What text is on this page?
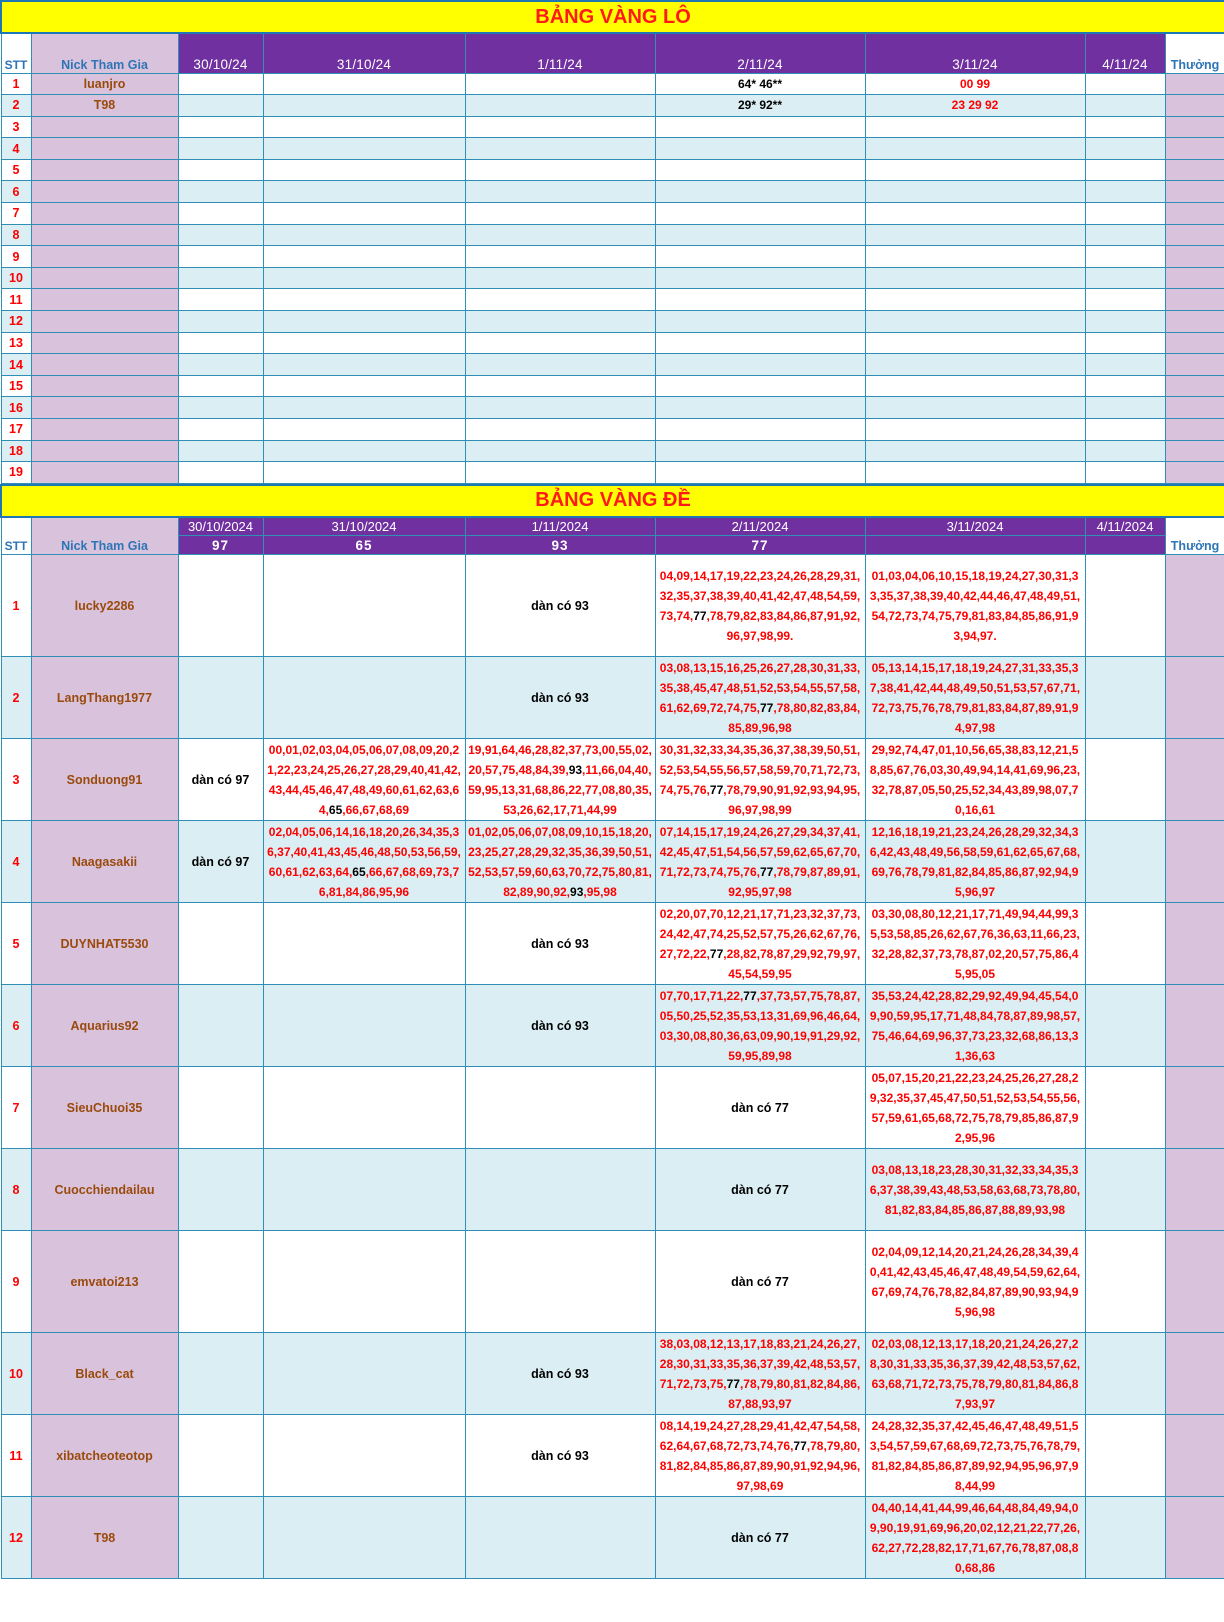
BẢNG VÀNG LÔ								
STT	Nick Tham Gia	30/10/24	31/10/24	1/11/24	2/11/24	3/11/24	4/11/24	Thưởng
1	luanjro				64* 46**	00 99		
2	T98				29* 92**	23 29 92		
3								
4								
5								
6								
7								
8								
9								
10								
11								
12								
13								
14								
15								
16								
17								
18								
19								
BẢNG VÀNG ĐỀ								
STT	Nick Tham Gia	30/10/2024	31/10/2024	1/11/2024	2/11/2024	3/11/2024	4/11/2024	Thưởng
		97	65	93	77			
1	lucky2286			dàn có 93	04,09,14,17,19,22,23,24,26,28,29,31,32,35,37,38,39,40,41,42,47,48,54,59,73,74,77,78,79,82,83,84,86,87,91,92,96,97,98,99.	01,03,04,06,10,15,18,19,24,27,30,31,33,35,37,38,39,40,42,44,46,47,48,49,51,54,72,73,74,75,79,81,83,84,85,86,91,93,94,97.		
2	LangThang1977			dàn có 93	03,08,13,15,16,25,26,27,28,30,31,33,35,38,45,47,48,51,52,53,54,55,57,58,61,62,69,72,74,75,77,78,80,82,83,84,85,89,96,98	05,13,14,15,17,18,19,24,27,31,33,35,37,38,41,42,44,48,49,50,51,53,57,67,71,72,73,75,76,78,79,81,83,84,87,89,91,94,97,98		
3	Sonduong91	dàn có 97	00,01,02,03,04,05,06,07,08,09,20,21,22,23,24,25,26,27,28,29,40,41,42,43,44,45,46,47,48,49,60,61,62,63,64,65,66,67,68,69	19,91,64,46,28,82,37,73,00,55,02,20,57,75,48,84,39,93,11,66,04,40,59,95,13,31,68,86,22,77,08,80,35,53,26,62,17,71,44,99	30,31,32,33,34,35,36,37,38,39,50,51,52,53,54,55,56,57,58,59,70,71,72,73,74,75,76,77,78,79,90,91,92,93,94,95,96,97,98,99	29,92,74,47,01,10,56,65,38,83,12,21,58,85,67,76,03,30,49,94,14,41,69,96,23,32,78,87,05,50,25,52,34,43,89,98,07,70,16,61		
4	Naagasakii	dàn có 97	02,04,05,06,14,16,18,20,26,34,35,36,37,40,41,43,45,46,48,50,53,56,59,60,61,62,63,64,65,66,67,68,69,73,76,81,84,86,95,96	01,02,05,06,07,08,09,10,15,18,20,23,25,27,28,29,32,35,36,39,50,51,52,53,57,59,60,63,70,72,75,80,81,82,89,90,92,93,95,98	07,14,15,17,19,24,26,27,29,34,37,41,42,45,47,51,54,56,57,59,62,65,67,70,71,72,73,74,75,76,77,78,79,87,89,91,92,95,97,98	12,16,18,19,21,23,24,26,28,29,32,34,36,42,43,48,49,56,58,59,61,62,65,67,68,69,76,78,79,81,82,84,85,86,87,92,94,95,96,97		
5	DUYNHAT5530			dàn có 93	02,20,07,70,12,21,17,71,23,32,37,73,24,42,47,74,25,52,57,75,26,62,67,76,27,72,22,77,28,82,78,87,29,92,79,97,45,54,59,95	03,30,08,80,12,21,17,71,49,94,44,99,35,53,58,85,26,62,67,76,36,63,11,66,23,32,28,82,37,73,78,87,02,20,57,75,86,45,95,05		
6	Aquarius92			dàn có 93	07,70,17,71,22,77,37,73,57,75,78,87,05,50,25,52,35,53,13,31,69,96,46,64,03,30,08,80,36,63,09,90,19,91,29,92,59,95,89,98	35,53,24,42,28,82,29,92,49,94,45,54,09,90,59,95,17,71,48,84,78,87,89,98,57,75,46,64,69,96,37,73,23,32,68,86,13,31,36,63		
7	SieuChuoi35				dàn có 77	05,07,15,20,21,22,23,24,25,26,27,28,29,32,35,37,45,47,50,51,52,53,54,55,56,57,59,61,65,68,72,75,78,79,85,86,87,92,95,96		
8	Cuocchiendailau				dàn có 77	03,08,13,18,23,28,30,31,32,33,34,35,36,37,38,39,43,48,53,58,63,68,73,78,80,81,82,83,84,85,86,87,88,89,93,98		
9	emvatoi213				dàn có 77	02,04,09,12,14,20,21,24,26,28,34,39,40,41,42,43,45,46,47,48,49,54,59,62,64,67,69,74,76,78,82,84,87,89,90,93,94,95,96,98		
10	Black_cat			dàn có 93	38,03,08,12,13,17,18,83,21,24,26,27,28,30,31,33,35,36,37,39,42,48,53,57,71,72,73,75,77,78,79,80,81,82,84,86,87,88,93,97	02,03,08,12,13,17,18,20,21,24,26,27,28,30,31,33,35,36,37,39,42,48,53,57,62,63,68,71,72,73,75,78,79,80,81,84,86,87,93,97		
11	xibatcheoteotop			dàn có 93	08,14,19,24,27,28,29,41,42,47,54,58,62,64,67,68,72,73,74,76,77,78,79,80,81,82,84,85,86,87,89,90,91,92,94,96,97,98,69	24,28,32,35,37,42,45,46,47,48,49,51,53,54,57,59,67,68,69,72,73,75,76,78,79,81,82,84,85,86,87,89,92,94,95,96,97,98,44,99		
12	T98				dàn có 77	04,40,14,41,44,99,46,64,48,84,49,94,09,90,19,91,69,96,20,02,12,21,22,77,26,62,27,72,28,82,17,71,67,76,78,87,08,80,68,86		
